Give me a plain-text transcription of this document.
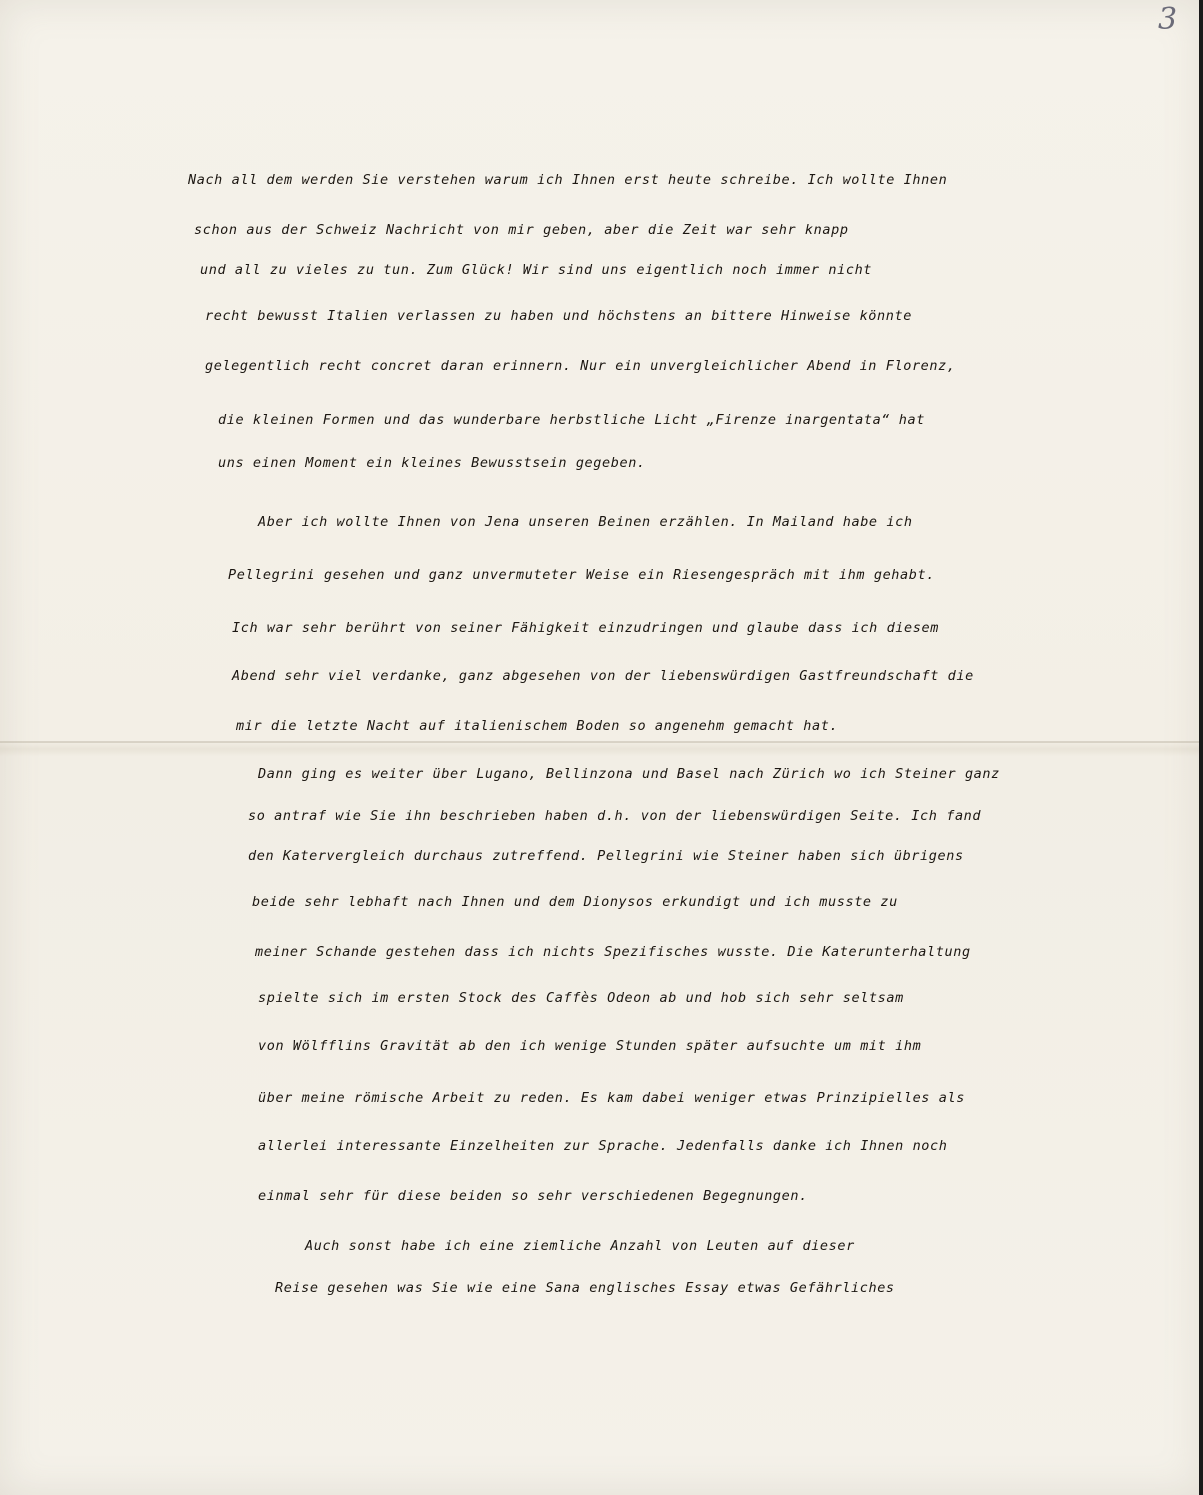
3

Nach all dem werden Sie verstehen warum ich Ihnen erst heute schreibe. Ich wollte Ihnen

schon aus der Schweiz Nachricht von mir geben, aber die Zeit war sehr knapp

und all zu vieles zu tun. Zum Glück! Wir sind uns eigentlich noch immer nicht

recht bewusst Italien verlassen zu haben und höchstens an bittere Hinweise könnte

gelegentlich recht concret daran erinnern. Nur ein unvergleichlicher Abend in Florenz,

die kleinen Formen und das wunderbare herbstliche Licht „Firenze inargentata“ hat

uns einen Moment ein kleines Bewusstsein gegeben.

Aber ich wollte Ihnen von Jena unseren Beinen erzählen. In Mailand habe ich

Pellegrini gesehen und ganz unvermuteter Weise ein Riesengespräch mit ihm gehabt.

Ich war sehr berührt von seiner Fähigkeit einzudringen und glaube dass ich diesem

Abend sehr viel verdanke, ganz abgesehen von der liebenswürdigen Gastfreundschaft die

mir die letzte Nacht auf italienischem Boden so angenehm gemacht hat.

Dann ging es weiter über Lugano, Bellinzona und Basel nach Zürich wo ich Steiner ganz

so antraf wie Sie ihn beschrieben haben d.h. von der liebenswürdigen Seite. Ich fand

den Katervergleich durchaus zutreffend. Pellegrini wie Steiner haben sich übrigens

beide sehr lebhaft nach Ihnen und dem Dionysos erkundigt und ich musste zu

meiner Schande gestehen dass ich nichts Spezifisches wusste. Die Katerunterhaltung

spielte sich im ersten Stock des Caffès Odeon ab und hob sich sehr seltsam

von Wölfflins Gravität ab den ich wenige Stunden später aufsuchte um mit ihm

über meine römische Arbeit zu reden. Es kam dabei weniger etwas Prinzipielles als

allerlei interessante Einzelheiten zur Sprache. Jedenfalls danke ich Ihnen noch

einmal sehr für diese beiden so sehr verschiedenen Begegnungen.

Auch sonst habe ich eine ziemliche Anzahl von Leuten auf dieser

Reise gesehen was Sie wie eine Sana englisches Essay etwas Gefährliches
